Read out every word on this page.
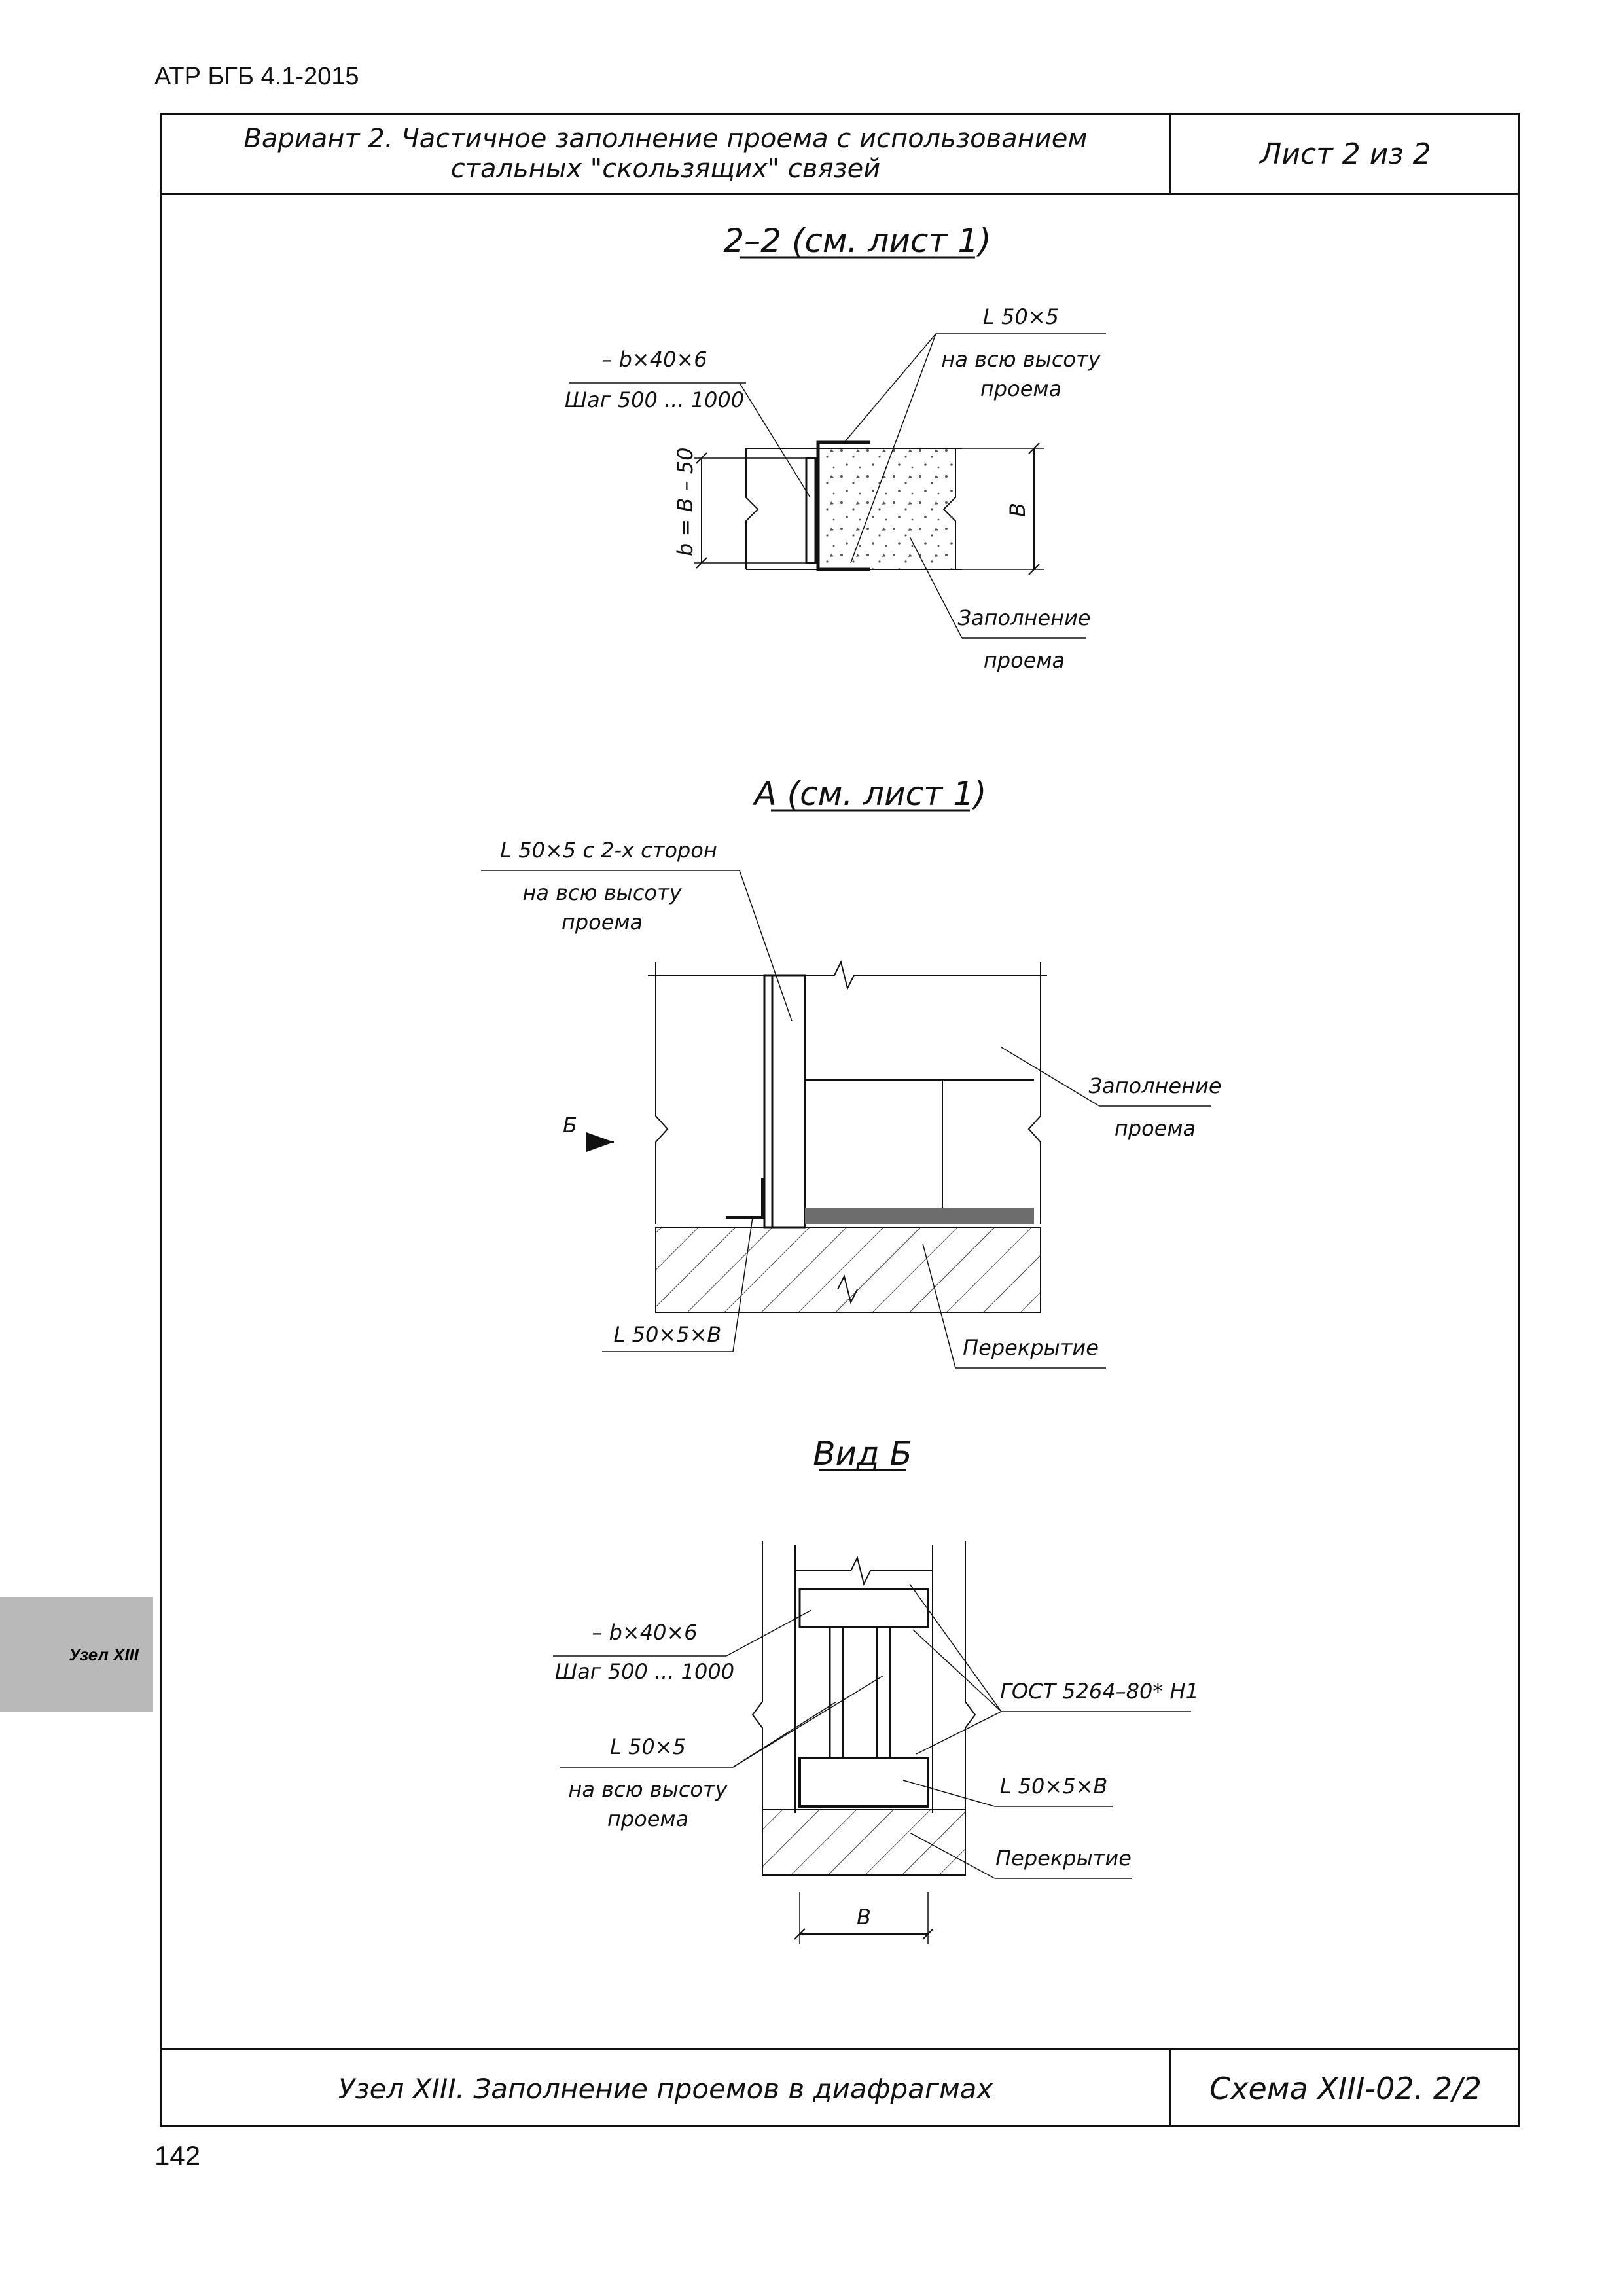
АТР БГБ 4.1-2015
Вариант 2. Частичное заполнение проема с использованием
стальных "скользящих" связей	Лист 2 из 2
Узел XIII. Заполнение проемов в диафрагмах	Схема XIII-02. 2/2
Узел XIII
142
2–2 (см. лист 1)
b = B – 50	B
– b×40×6
Шаг 500 ... 1000
L 50×5
на всю высоту
проема
Заполнение
проема
А (см. лист 1)
Б
L 50×5 с 2-х сторон
на всю высоту
проема
Заполнение
проема
L 50×5×B
Перекрытие
Вид Б
B
– b×40×6
Шаг 500 ... 1000
L 50×5
на всю высоту
проема
ГОСТ 5264–80* Н1
L 50×5×B
Перекрытие
